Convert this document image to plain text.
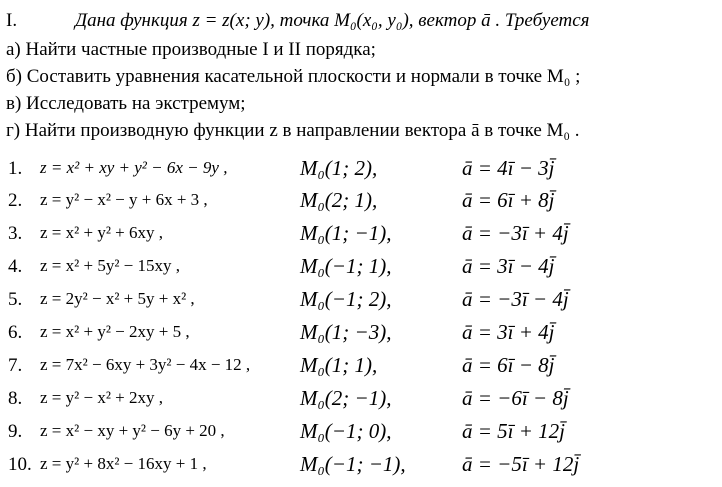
I.	Дана функция z = z(x; y), точка M₀(x₀, y₀), вектор ā . Требуется
а) Найти частные производные I и II порядка;
б) Составить уравнения касательной плоскости и нормали в точке M₀ ;
в) Исследовать на экстремум;
г) Найти производную функции z в направлении вектора ā в точке M₀ .
1. z = x² + xy + y² − 6x − 9y ,	M₀(1; 2),	ā = 4ī − 3j̄
2. z = y² − x² − y + 6x + 3 ,	M₀(2; 1),	ā = 6ī + 8j̄
3. z = x² + y² + 6xy ,	M₀(1; −1),	ā = −3ī + 4j̄
4. z = x² + 5y² − 15xy ,	M₀(−1; 1),	ā = 3ī − 4j̄
5. z = 2y² − x² + 5y + x² ,	M₀(−1; 2),	ā = −3ī − 4j̄
6. z = x² + y² − 2xy + 5 ,	M₀(1; −3),	ā = 3ī + 4j̄
7. z = 7x² − 6xy + 3y² − 4x − 12 , M₀(1; 1),	ā = 6ī − 8j̄
8. z = y² − x² + 2xy ,	M₀(2; −1),	ā = −6ī − 8j̄
9. z = x² − xy + y² − 6y + 20 ,	M₀(−1; 0),	ā = 5ī + 12j̄
10. z = y² + 8x² − 16xy + 1 ,	M₀(−1; −1),	ā = −5ī + 12j̄
